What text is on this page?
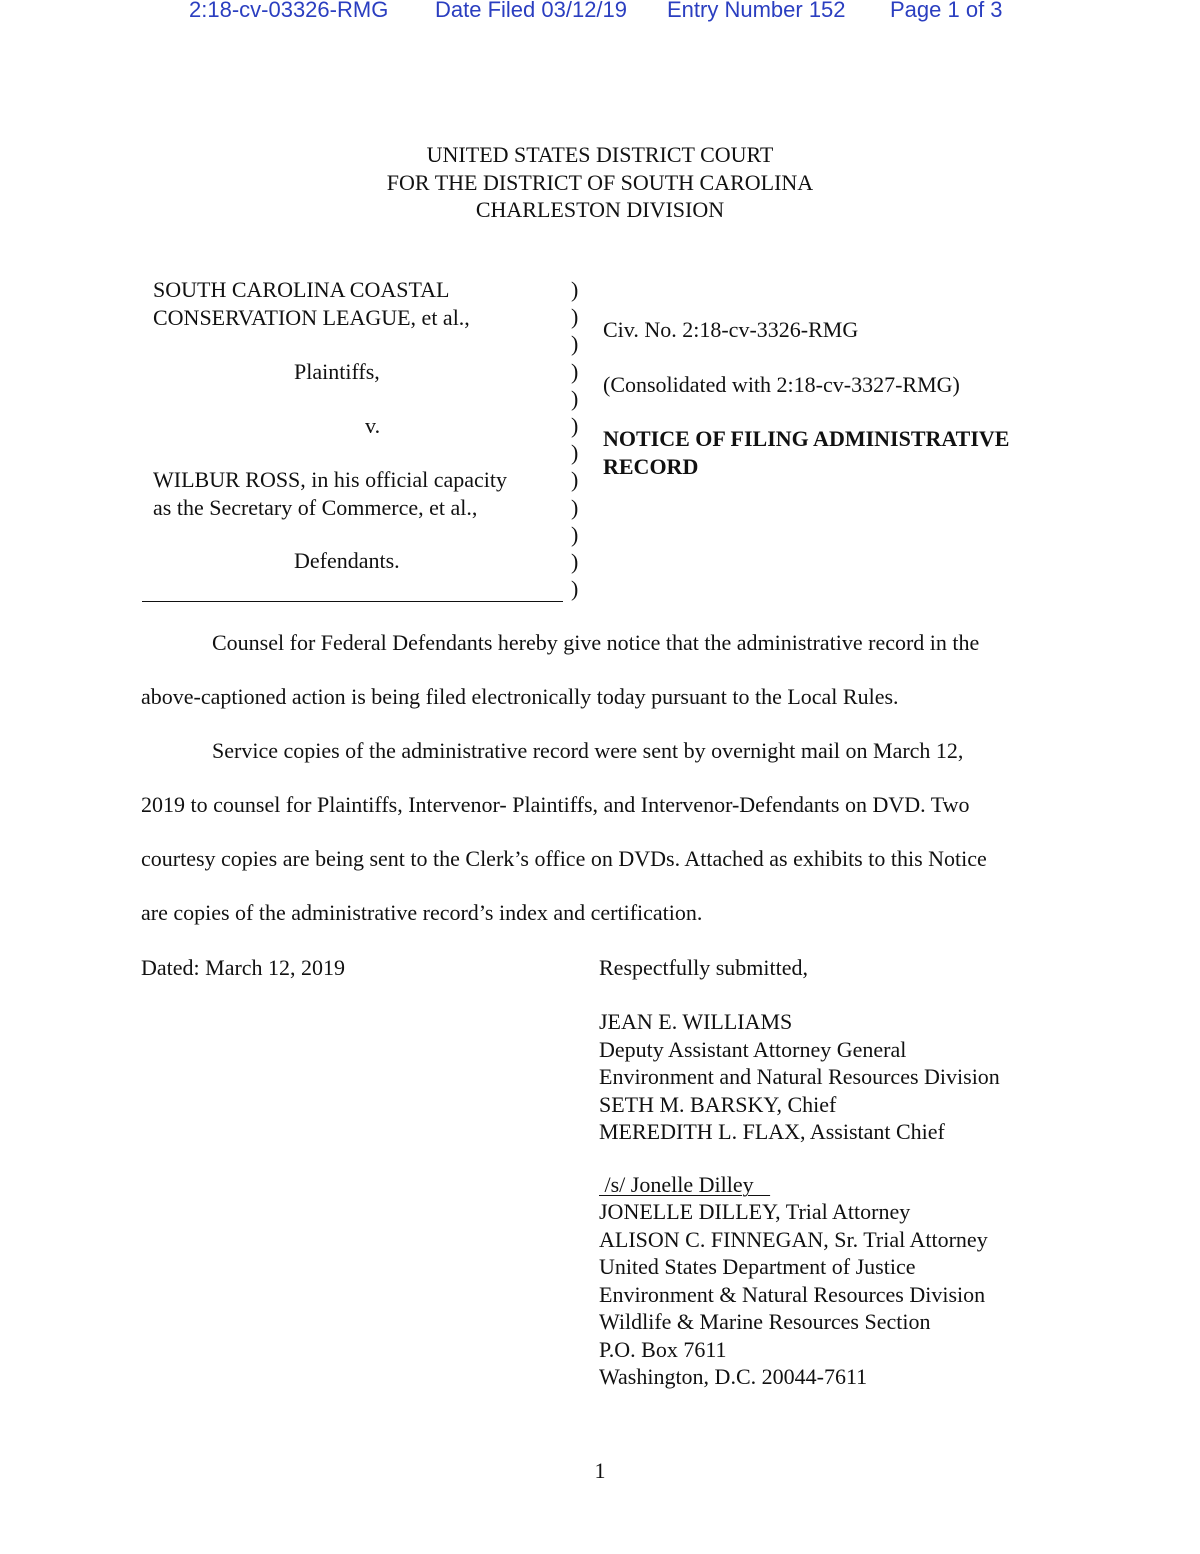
2:18-cv-03326-RMG Date Filed 03/12/19 Entry Number 152 Page 1 of 3
UNITED STATES DISTRICT COURT
FOR THE DISTRICT OF SOUTH CAROLINA
CHARLESTON DIVISION
SOUTH CAROLINA COASTAL
CONSERVATION LEAGUE, et al.,
Plaintiffs,
v.
WILBUR ROSS, in his official capacity
as the Secretary of Commerce, et al.,
Defendants.
)
)
)
)
)
)
)
)
)
)
)
)
Civ. No. 2:18-cv-3326-RMG
(Consolidated with 2:18-cv-3327-RMG)
NOTICE OF FILING ADMINISTRATIVE
RECORD
Counsel for Federal Defendants hereby give notice that the administrative record in the
above-captioned action is being filed electronically today pursuant to the Local Rules.
Service copies of the administrative record were sent by overnight mail on March 12,
2019 to counsel for Plaintiffs, Intervenor- Plaintiffs, and Intervenor-Defendants on DVD. Two
courtesy copies are being sent to the Clerk’s office on DVDs. Attached as exhibits to this Notice
are copies of the administrative record’s index and certification.
Dated: March 12, 2019	Respectfully submitted,
JEAN E. WILLIAMS
Deputy Assistant Attorney General
Environment and Natural Resources Division
SETH M. BARSKY, Chief
MEREDITH L. FLAX, Assistant Chief
/s/ Jonelle Dilley
JONELLE DILLEY, Trial Attorney
ALISON C. FINNEGAN, Sr. Trial Attorney
United States Department of Justice
Environment & Natural Resources Division
Wildlife & Marine Resources Section
P.O. Box 7611
Washington, D.C. 20044-7611
1
